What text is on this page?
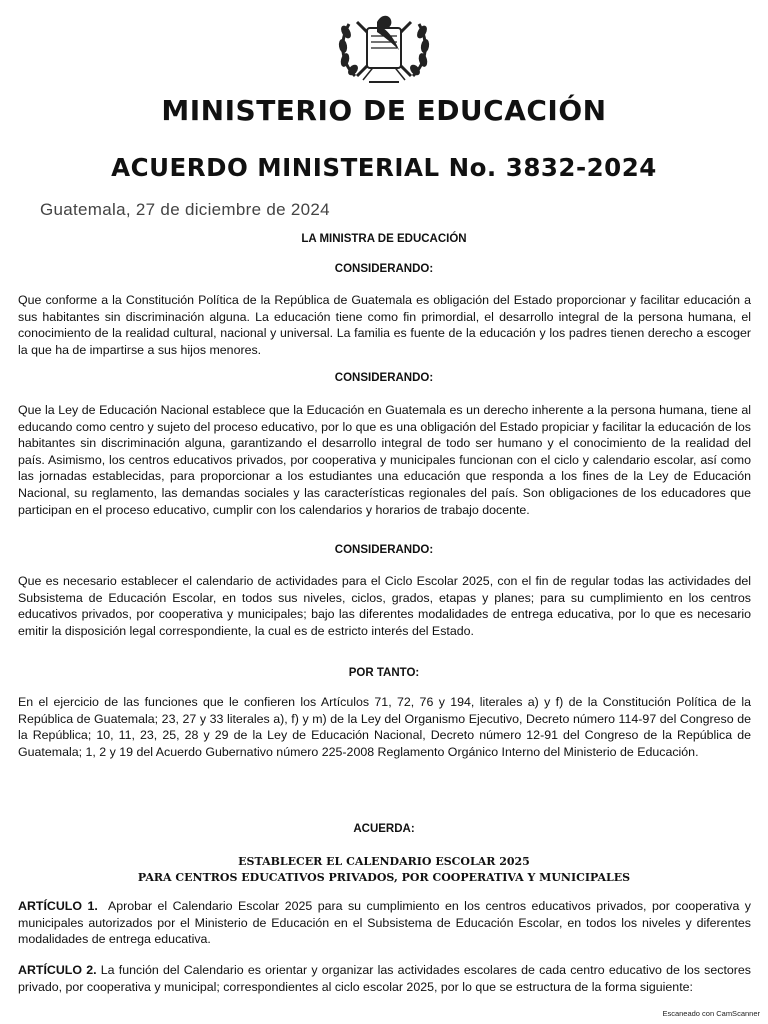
MINISTERIO DE EDUCACIÓN
ACUERDO MINISTERIAL No. 3832-2024
Guatemala, 27 de diciembre de 2024
LA MINISTRA DE EDUCACIÓN
CONSIDERANDO:
Que conforme a la Constitución Política de la República de Guatemala es obligación del Estado proporcionar y facilitar educación a sus habitantes sin discriminación alguna. La educación tiene como fin primordial, el desarrollo integral de la persona humana, el conocimiento de la realidad cultural, nacional y universal. La familia es fuente de la educación y los padres tienen derecho a escoger la que ha de impartirse a sus hijos menores.
CONSIDERANDO:
Que la Ley de Educación Nacional establece que la Educación en Guatemala es un derecho inherente a la persona humana, tiene al educando como centro y sujeto del proceso educativo, por lo que es una obligación del Estado propiciar y facilitar la educación de los habitantes sin discriminación alguna, garantizando el desarrollo integral de todo ser humano y el conocimiento de la realidad del país. Asimismo, los centros educativos privados, por cooperativa y municipales funcionan con el ciclo y calendario escolar, así como las jornadas establecidas, para proporcionar a los estudiantes una educación que responda a los fines de la Ley de Educación Nacional, su reglamento, las demandas sociales y las características regionales del país. Son obligaciones de los educadores que participan en el proceso educativo, cumplir con los calendarios y horarios de trabajo docente.
CONSIDERANDO:
Que es necesario establecer el calendario de actividades para el Ciclo Escolar 2025, con el fin de regular todas las actividades del Subsistema de Educación Escolar, en todos sus niveles, ciclos, grados, etapas y planes; para su cumplimiento en los centros educativos privados, por cooperativa y municipales; bajo las diferentes modalidades de entrega educativa, por lo que es necesario emitir la disposición legal correspondiente, la cual es de estricto interés del Estado.
POR TANTO:
En el ejercicio de las funciones que le confieren los Artículos 71, 72, 76 y 194, literales a) y f) de la Constitución Política de la República de Guatemala; 23, 27 y 33 literales a), f) y m) de la Ley del Organismo Ejecutivo, Decreto número 114-97 del Congreso de la República; 10, 11, 23, 25, 28 y 29 de la Ley de Educación Nacional, Decreto número 12-91 del Congreso de la República de Guatemala; 1, 2 y 19 del Acuerdo Gubernativo número 225-2008 Reglamento Orgánico Interno del Ministerio de Educación.
ACUERDA:
ESTABLECER EL CALENDARIO ESCOLAR 2025
PARA CENTROS EDUCATIVOS PRIVADOS, POR COOPERATIVA Y MUNICIPALES
ARTÍCULO 1. Aprobar el Calendario Escolar 2025 para su cumplimiento en los centros educativos privados, por cooperativa y municipales autorizados por el Ministerio de Educación en el Subsistema de Educación Escolar, en todos los niveles y diferentes modalidades de entrega educativa.
ARTÍCULO 2. La función del Calendario es orientar y organizar las actividades escolares de cada centro educativo de los sectores privado, por cooperativa y municipal; correspondientes al ciclo escolar 2025, por lo que se estructura de la forma siguiente:
Escaneado con CamScanner
